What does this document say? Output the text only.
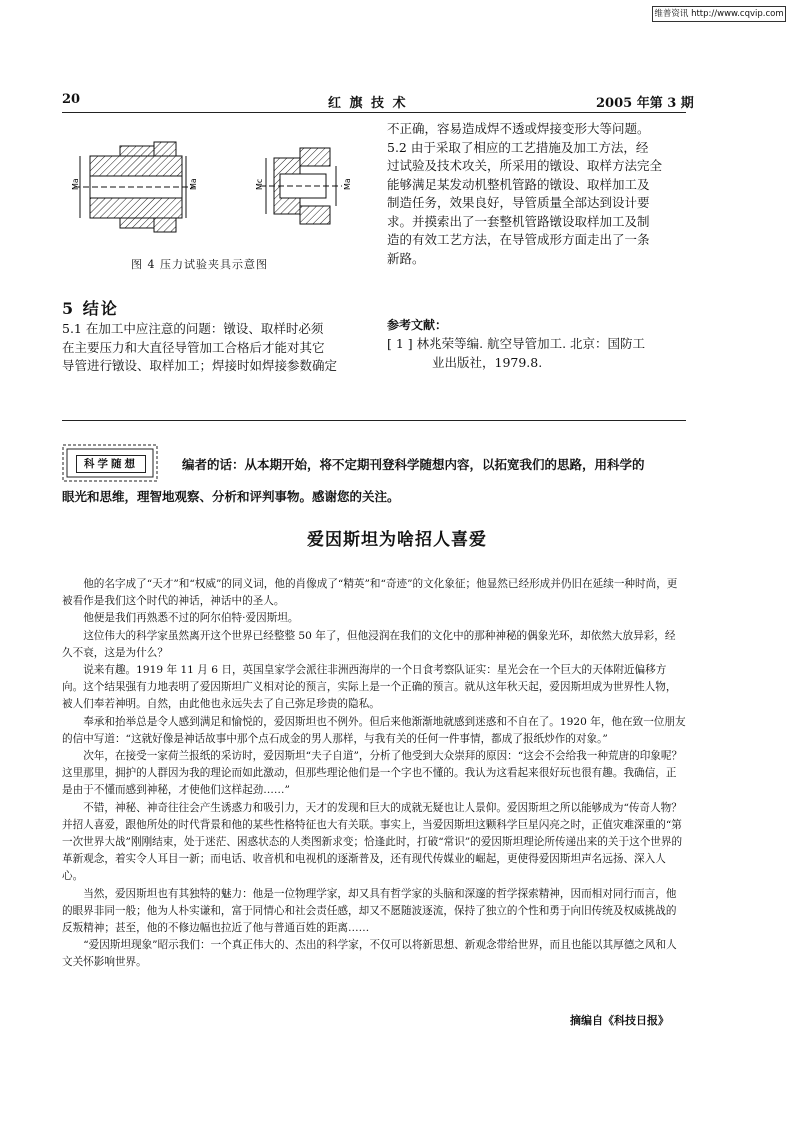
维普资讯 http://www.cqvip.com
20	红 旗 技 术	2005 年第 3 期
Ma	Ma	Mc	Ma
图 4 压力试验夹具示意图
不正确，容易造成焊不透或焊接变形大等问题。
5.2 由于采取了相应的工艺措施及加工方法，经
过试验及技术攻关，所采用的镦设、取样方法完全
能够满足某发动机整机管路的镦设、取样加工及
制造任务，效果良好，导管质量全部达到设计要
求。并摸索出了一套整机管路镦设取样加工及制
造的有效工艺方法，在导管成形方面走出了一条
新路。
5 结论
5.1 在加工中应注意的问题：镦设、取样时必须
在主要压力和大直径导管加工合格后才能对其它
导管进行镦设、取样加工；焊接时如焊接参数确定
参考文献：
[ 1 ] 林兆荣等编. 航空导管加工. 北京：国防工
业出版社，1979.8.
科学随想	编者的话：从本期开始，将不定期刊登科学随想内容，以拓宽我们的思路，用科学的
眼光和思维，理智地观察、分析和评判事物。感谢您的关注。
爱因斯坦为啥招人喜爱

他的名字成了“天才”和“权威”的同义词，他的肖像成了“精英”和“奇迹”的文化象征；他显然已经形成并仍旧在延续一种时尚，更被看作是我们这个时代的神话，神话中的圣人。

他便是我们再熟悉不过的阿尔伯特·爱因斯坦。

这位伟大的科学家虽然离开这个世界已经整整 50 年了，但他浸润在我们的文化中的那种神秘的偶象光环，却依然大放异彩，经久不衰，这是为什么？

说来有趣。1919 年 11 月 6 日，英国皇家学会派往非洲西海岸的一个日食考察队证实：星光会在一个巨大的天体附近偏移方向。这个结果强有力地表明了爱因斯坦广义相对论的预言，实际上是一个正确的预言。就从这年秋天起，爱因斯坦成为世界性人物，被人们奉若神明。自然，由此他也永远失去了自己弥足珍贵的隐私。

奉承和抬举总是令人感到满足和愉悦的，爱因斯坦也不例外。但后来他渐渐地就感到迷惑和不自在了。1920 年，他在致一位朋友的信中写道：“这就好像是神话故事中那个点石成金的男人那样，与我有关的任何一件事情，都成了报纸炒作的对象。”

次年，在接受一家荷兰报纸的采访时，爱因斯坦“夫子自道”，分析了他受到大众崇拜的原因：“这会不会给我一种荒唐的印象呢？这里那里，拥护的人群因为我的理论而如此激动，但那些理论他们是一个字也不懂的。我认为这看起来很好玩也很有趣。我确信，正是由于不懂而感到神秘，才使他们这样起劲……”

不错，神秘、神奇往往会产生诱惑力和吸引力，天才的发现和巨大的成就无疑也让人景仰。爱因斯坦之所以能够成为“传奇人物？并招人喜爱，跟他所处的时代背景和他的某些性格特征也大有关联。事实上，当爱因斯坦这颗科学巨星闪亮之时，正值灾难深重的“第一次世界大战”刚刚结束，处于迷茫、困惑状态的人类图新求变；恰逢此时，打破“常识”的爱因斯坦理论所传递出来的关于这个世界的革新观念，着实令人耳目一新；而电话、收音机和电视机的逐渐普及，还有现代传媒业的崛起，更使得爱因斯坦声名远扬、深入人心。

当然，爱因斯坦也有其独特的魅力：他是一位物理学家，却又具有哲学家的头脑和深邃的哲学探索精神，因而相对同行而言，他的眼界非同一般；他为人朴实谦和，富于同情心和社会责任感，却又不愿随波逐流，保持了独立的个性和勇于向旧传统及权威挑战的反叛精神；甚至，他的不修边幅也拉近了他与普通百姓的距离……

“爱因斯坦现象”昭示我们：一个真正伟大的、杰出的科学家，不仅可以将新思想、新观念带给世界，而且也能以其厚德之风和人文关怀影响世界。

摘编自《科技日报》
